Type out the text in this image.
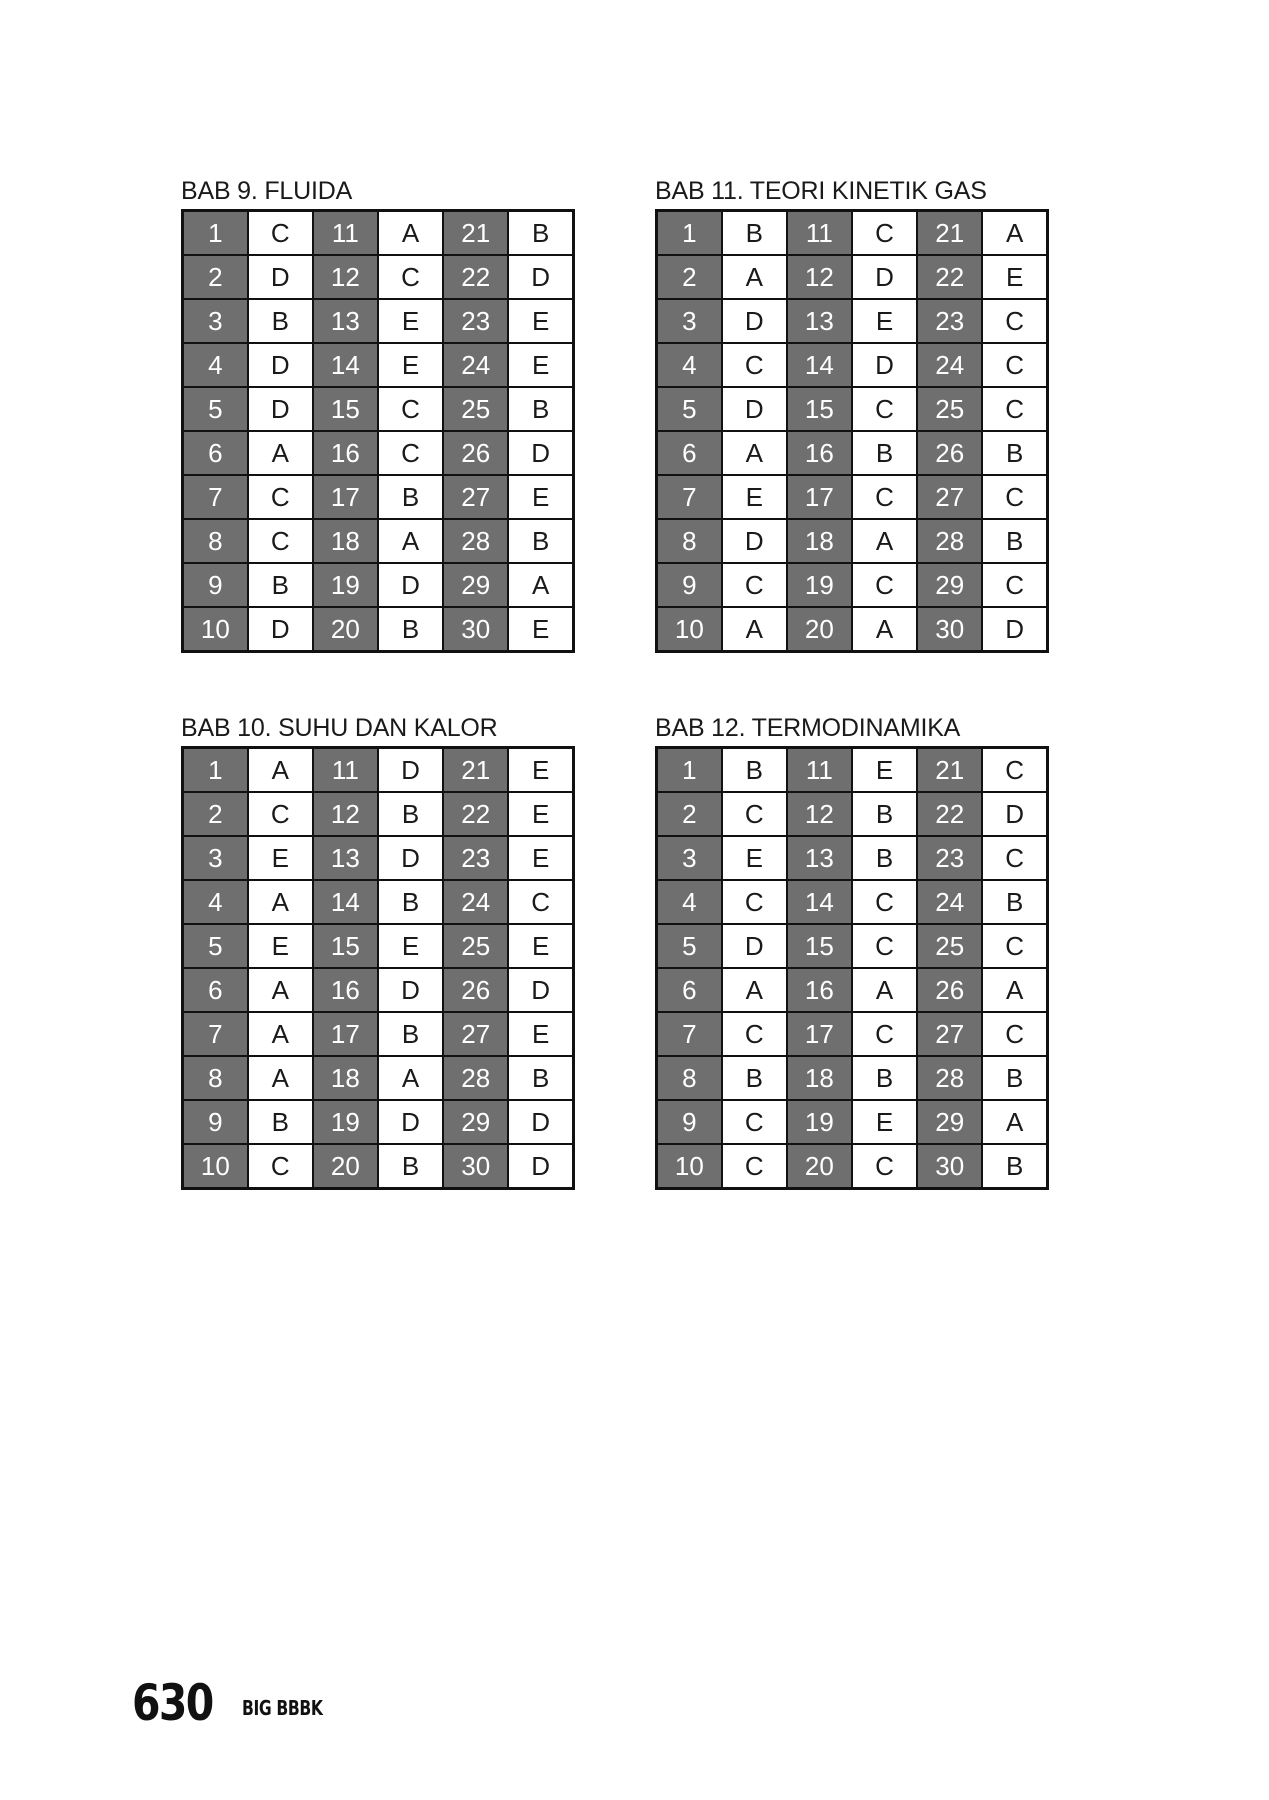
BAB 9. FLUIDA
1	C	11	A	21	B
2	D	12	C	22	D
3	B	13	E	23	E
4	D	14	E	24	E
5	D	15	C	25	B
6	A	16	C	26	D
7	C	17	B	27	E
8	C	18	A	28	B
9	B	19	D	29	A
10	D	20	B	30	E
BAB 11. TEORI KINETIK GAS
1	B	11	C	21	A
2	A	12	D	22	E
3	D	13	E	23	C
4	C	14	D	24	C
5	D	15	C	25	C
6	A	16	B	26	B
7	E	17	C	27	C
8	D	18	A	28	B
9	C	19	C	29	C
10	A	20	A	30	D
BAB 10. SUHU DAN KALOR
1	A	11	D	21	E
2	C	12	B	22	E
3	E	13	D	23	E
4	A	14	B	24	C
5	E	15	E	25	E
6	A	16	D	26	D
7	A	17	B	27	E
8	A	18	A	28	B
9	B	19	D	29	D
10	C	20	B	30	D
BAB 12. TERMODINAMIKA
1	B	11	E	21	C
2	C	12	B	22	D
3	E	13	B	23	C
4	C	14	C	24	B
5	D	15	C	25	C
6	A	16	A	26	A
7	C	17	C	27	C
8	B	18	B	28	B
9	C	19	E	29	A
10	C	20	C	30	B
630	BIG BBBK
